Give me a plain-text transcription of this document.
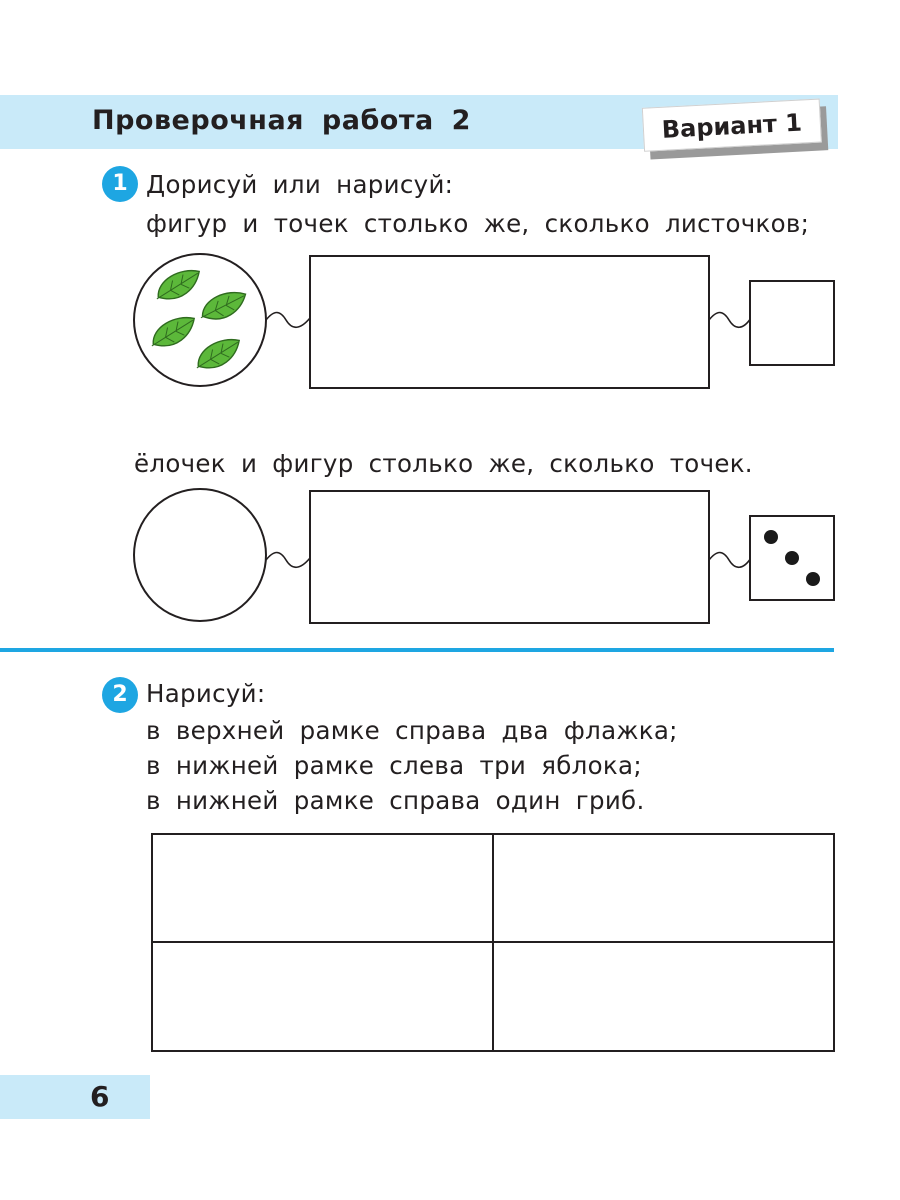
Проверочная работа 2	Вариант 1
1 Дорисуй или нарисуй:
фигур и точек столько же, сколько листочков;
ёлочек и фигур столько же, сколько точек.
2 Нарисуй:
в верхней рамке справа два флажка;
в нижней рамке слева три яблока;
в нижней рамке справа один гриб.
6
